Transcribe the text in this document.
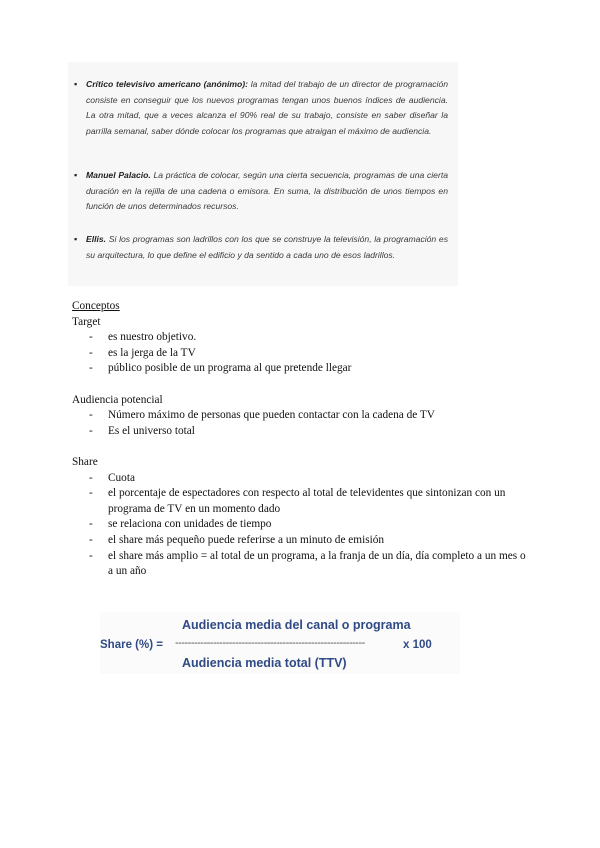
▪ Crítico televisivo americano (anónimo): la mitad del trabajo de un director de programación consiste en conseguir que los nuevos programas tengan unos buenos índices de audiencia. La otra mitad, que a veces alcanza el 90% real de su trabajo, consiste en saber diseñar la parrilla semanal, saber dónde colocar los programas que atraigan el máximo de audiencia.
▪ Manuel Palacio. La práctica de colocar, según una cierta secuencia, programas de una cierta duración en la rejilla de una cadena o emisora. En suma, la distribución de unos tiempos en función de unos determinados recursos.
▪ Ellis. Si los programas son ladrillos con los que se construye la televisión, la programación es su arquitectura, lo que define el edificio y da sentido a cada uno de esos ladrillos.

Conceptos

Target

- es nuestro objetivo.
- es la jerga de la TV
- público posible de un programa al que pretende llegar

Audiencia potencial

- Número máximo de personas que pueden contactar con la cadena de TV
- Es el universo total

Share

- Cuota
- el porcentaje de espectadores con respecto al total de televidentes que sintonizan con un programa de TV en un momento dado
- se relaciona con unidades de tiempo
- el share más pequeño puede referirse a un minuto de emisión
- el share más amplio = al total de un programa, a la franja de un día, día completo a un mes o a un año
Audiencia media del canal o programa
Share (%) = ------------------------------------------------------------	x 100
Audiencia media total (TTV)
